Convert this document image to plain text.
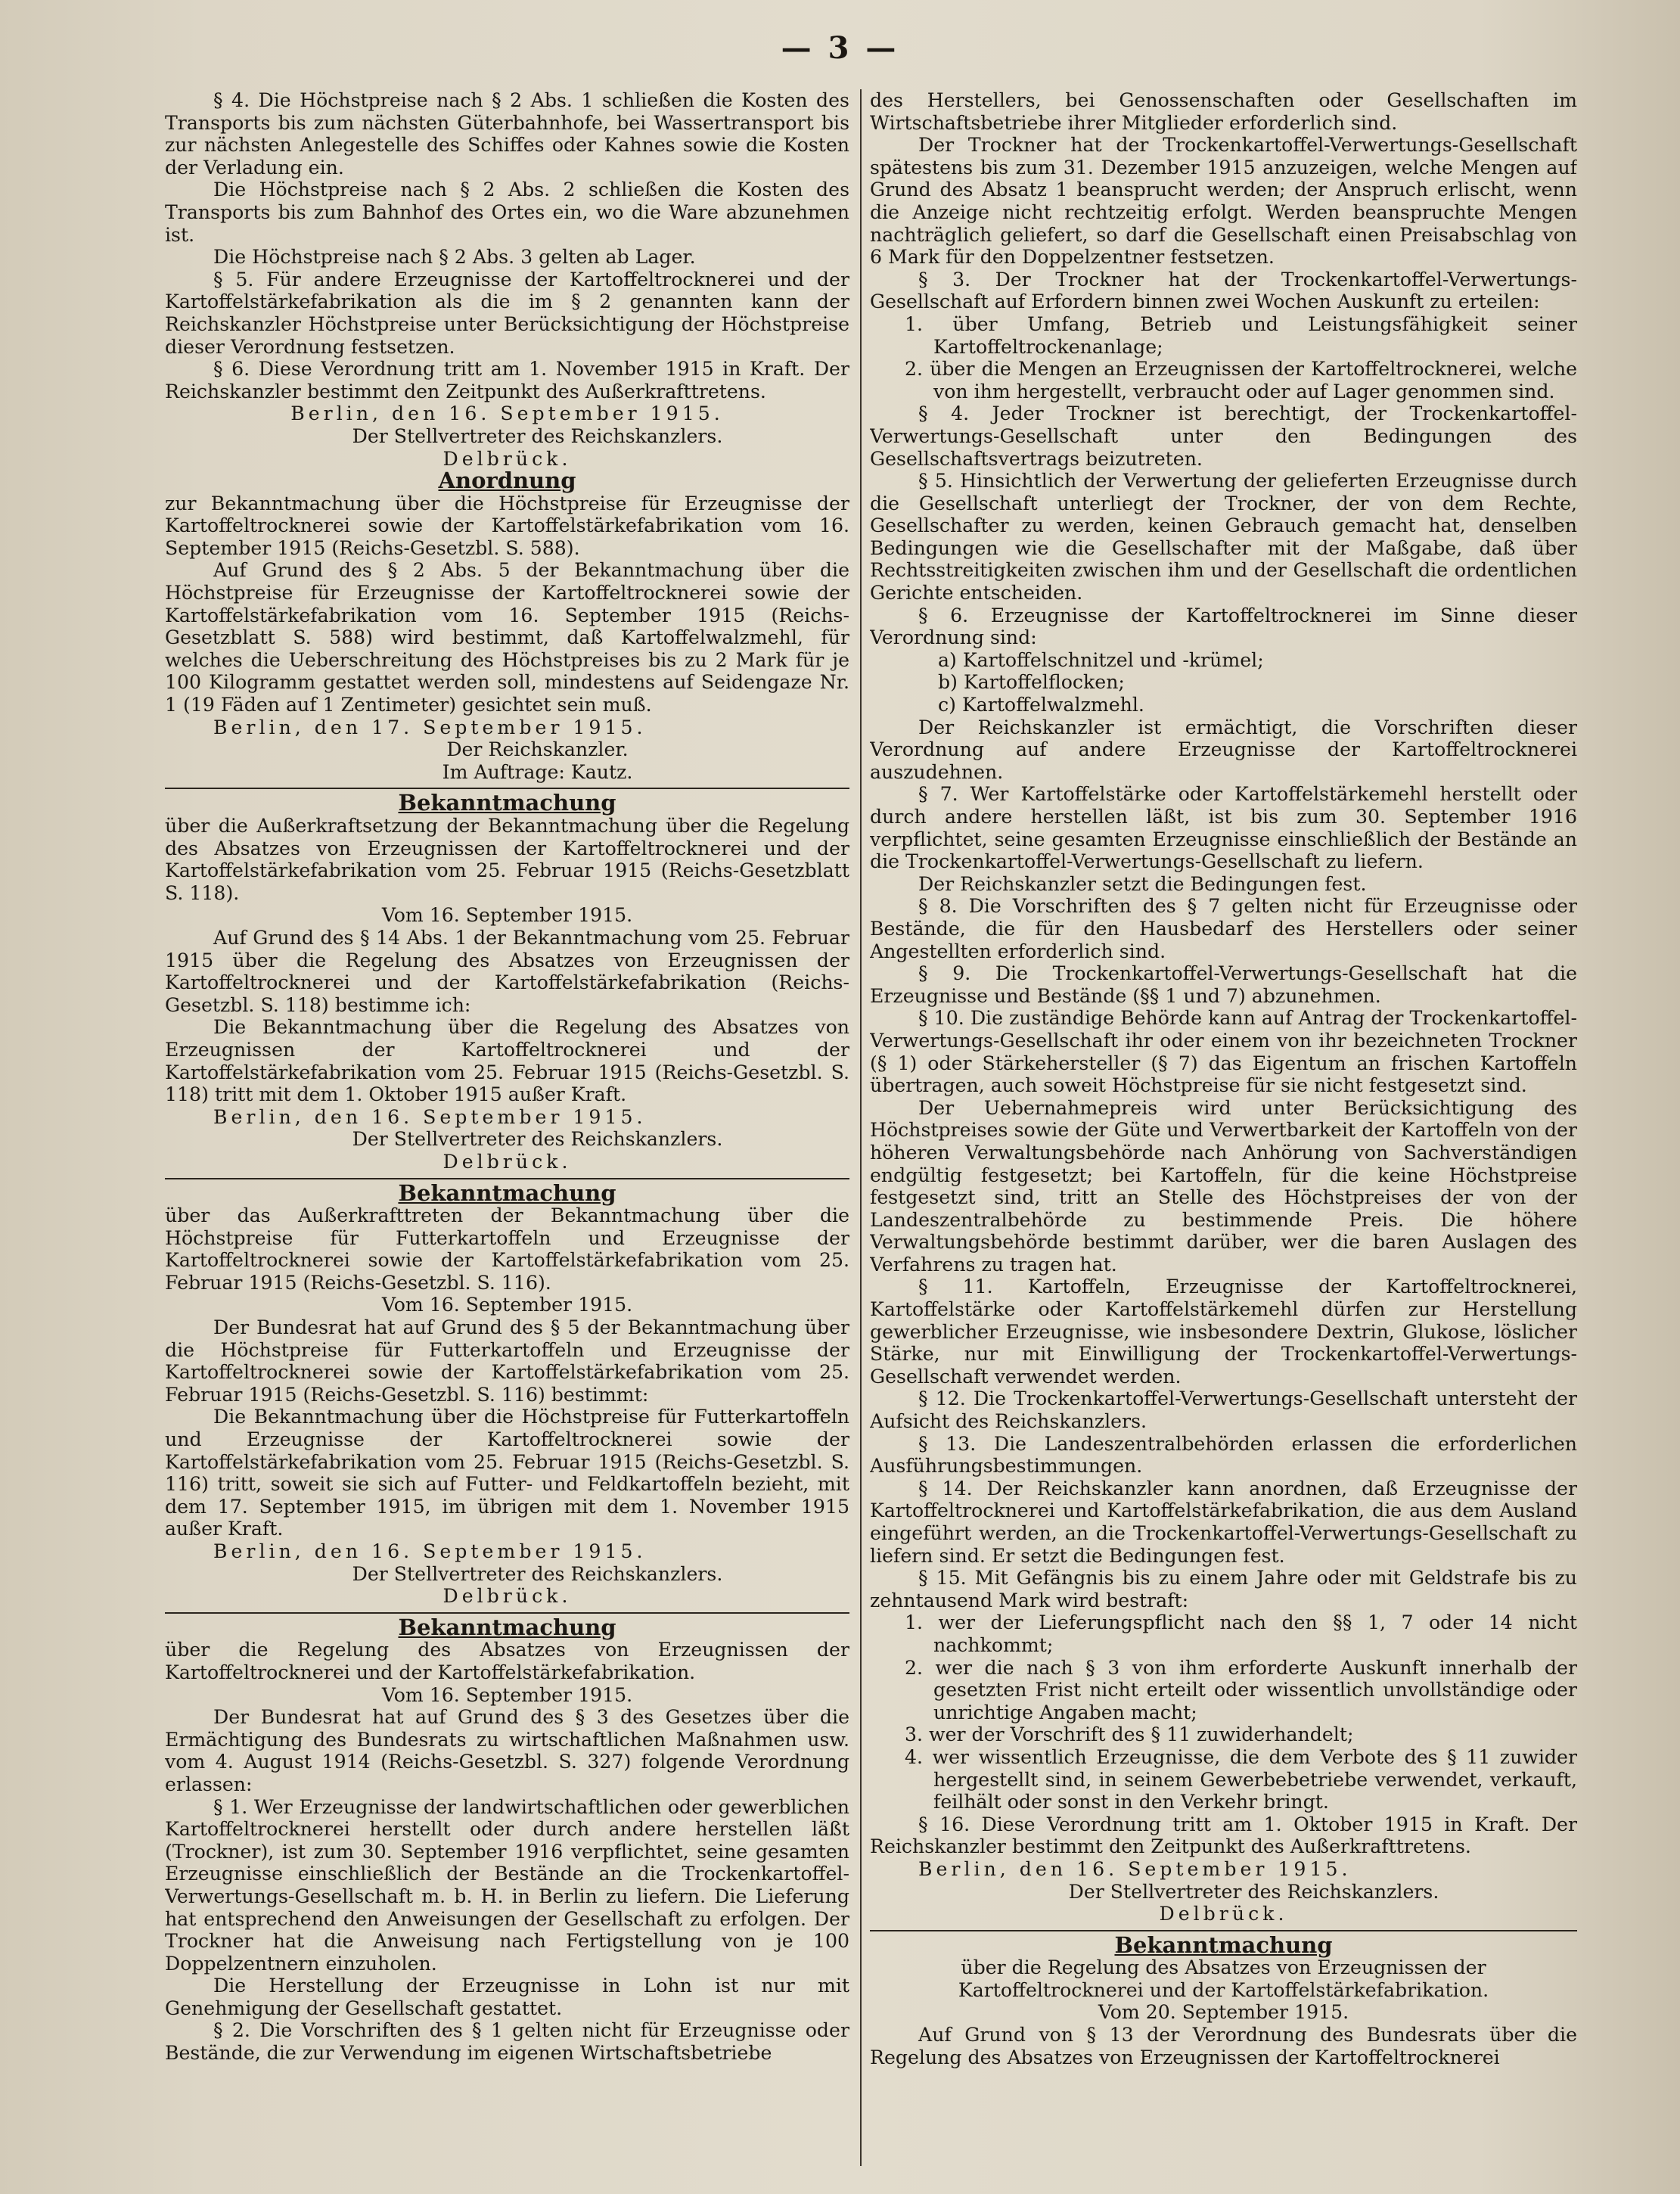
— 3 —

§ 4. Die Höchstpreise nach § 2 Abs. 1 schließen die Kosten des Transports bis zum nächsten Güterbahnhofe, bei Wassertransport bis zur nächsten Anlegestelle des Schiffes oder Kahnes sowie die Kosten der Verladung ein.

Die Höchstpreise nach § 2 Abs. 2 schließen die Kosten des Transports bis zum Bahnhof des Ortes ein, wo die Ware abzunehmen ist.

Die Höchstpreise nach § 2 Abs. 3 gelten ab Lager.

§ 5. Für andere Erzeugnisse der Kartoffeltrocknerei und der Kartoffelstärkefabrikation als die im § 2 genannten kann der Reichskanzler Höchstpreise unter Berücksichtigung der Höchstpreise dieser Verordnung festsetzen.

§ 6. Diese Verordnung tritt am 1. November 1915 in Kraft. Der Reichskanzler bestimmt den Zeitpunkt des Außerkrafttretens.

Berlin, den 16. September 1915.

Der Stellvertreter des Reichskanzlers.

Delbrück.

Anordnung

zur Bekanntmachung über die Höchstpreise für Erzeugnisse der Kartoffeltrocknerei sowie der Kartoffelstärkefabrikation vom 16. September 1915 (Reichs-Gesetzbl. S. 588).

Auf Grund des § 2 Abs. 5 der Bekanntmachung über die Höchstpreise für Erzeugnisse der Kartoffeltrocknerei sowie der Kartoffelstärkefabrikation vom 16. September 1915 (Reichs-Gesetzblatt S. 588) wird bestimmt, daß Kartoffelwalzmehl, für welches die Ueberschreitung des Höchstpreises bis zu 2 Mark für je 100 Kilogramm gestattet werden soll, mindestens auf Seidengaze Nr. 1 (19 Fäden auf 1 Zentimeter) gesichtet sein muß.

Berlin, den 17. September 1915.

Der Reichskanzler.

Im Auftrage: Kautz.

Bekanntmachung

über die Außerkraftsetzung der Bekanntmachung über die Regelung des Absatzes von Erzeugnissen der Kartoffeltrocknerei und der Kartoffelstärkefabrikation vom 25. Februar 1915 (Reichs-Gesetzblatt S. 118).

Vom 16. September 1915.

Auf Grund des § 14 Abs. 1 der Bekanntmachung vom 25. Februar 1915 über die Regelung des Absatzes von Erzeugnissen der Kartoffeltrocknerei und der Kartoffelstärkefabrikation (Reichs-Gesetzbl. S. 118) bestimme ich:

Die Bekanntmachung über die Regelung des Absatzes von Erzeugnissen der Kartoffeltrocknerei und der Kartoffelstärkefabrikation vom 25. Februar 1915 (Reichs-Gesetzbl. S. 118) tritt mit dem 1. Oktober 1915 außer Kraft.

Berlin, den 16. September 1915.

Der Stellvertreter des Reichskanzlers.

Delbrück.

Bekanntmachung

über das Außerkrafttreten der Bekanntmachung über die Höchstpreise für Futterkartoffeln und Erzeugnisse der Kartoffeltrocknerei sowie der Kartoffelstärkefabrikation vom 25. Februar 1915 (Reichs-Gesetzbl. S. 116).

Vom 16. September 1915.

Der Bundesrat hat auf Grund des § 5 der Bekanntmachung über die Höchstpreise für Futterkartoffeln und Erzeugnisse der Kartoffeltrocknerei sowie der Kartoffelstärkefabrikation vom 25. Februar 1915 (Reichs-Gesetzbl. S. 116) bestimmt:

Die Bekanntmachung über die Höchstpreise für Futterkartoffeln und Erzeugnisse der Kartoffeltrocknerei sowie der Kartoffelstärkefabrikation vom 25. Februar 1915 (Reichs-Gesetzbl. S. 116) tritt, soweit sie sich auf Futter- und Feldkartoffeln bezieht, mit dem 17. September 1915, im übrigen mit dem 1. November 1915 außer Kraft.

Berlin, den 16. September 1915.

Der Stellvertreter des Reichskanzlers.

Delbrück.

Bekanntmachung

über die Regelung des Absatzes von Erzeugnissen der Kartoffeltrocknerei und der Kartoffelstärkefabrikation.

Vom 16. September 1915.

Der Bundesrat hat auf Grund des § 3 des Gesetzes über die Ermächtigung des Bundesrats zu wirtschaftlichen Maßnahmen usw. vom 4. August 1914 (Reichs-Gesetzbl. S. 327) folgende Verordnung erlassen:

§ 1. Wer Erzeugnisse der landwirtschaftlichen oder gewerblichen Kartoffeltrocknerei herstellt oder durch andere herstellen läßt (Trockner), ist zum 30. September 1916 verpflichtet, seine gesamten Erzeugnisse einschließlich der Bestände an die Trockenkartoffel-Verwertungs-Gesellschaft m. b. H. in Berlin zu liefern. Die Lieferung hat entsprechend den Anweisungen der Gesellschaft zu erfolgen. Der Trockner hat die Anweisung nach Fertigstellung von je 100 Doppelzentnern einzuholen.

Die Herstellung der Erzeugnisse in Lohn ist nur mit Genehmigung der Gesellschaft gestattet.

§ 2. Die Vorschriften des § 1 gelten nicht für Erzeugnisse oder Bestände, die zur Verwendung im eigenen Wirtschaftsbetriebe

des Herstellers, bei Genossenschaften oder Gesellschaften im Wirtschaftsbetriebe ihrer Mitglieder erforderlich sind.

Der Trockner hat der Trockenkartoffel-Verwertungs-Gesellschaft spätestens bis zum 31. Dezember 1915 anzuzeigen, welche Mengen auf Grund des Absatz 1 beansprucht werden; der Anspruch erlischt, wenn die Anzeige nicht rechtzeitig erfolgt. Werden beanspruchte Mengen nachträglich geliefert, so darf die Gesellschaft einen Preisabschlag von 6 Mark für den Doppelzentner festsetzen.

§ 3. Der Trockner hat der Trockenkartoffel-Verwertungs-Gesellschaft auf Erfordern binnen zwei Wochen Auskunft zu erteilen:

1. über Umfang, Betrieb und Leistungsfähigkeit seiner Kartoffeltrockenanlage;

2. über die Mengen an Erzeugnissen der Kartoffeltrocknerei, welche von ihm hergestellt, verbraucht oder auf Lager genommen sind.

§ 4. Jeder Trockner ist berechtigt, der Trockenkartoffel-Verwertungs-Gesellschaft unter den Bedingungen des Gesellschaftsvertrags beizutreten.

§ 5. Hinsichtlich der Verwertung der gelieferten Erzeugnisse durch die Gesellschaft unterliegt der Trockner, der von dem Rechte, Gesellschafter zu werden, keinen Gebrauch gemacht hat, denselben Bedingungen wie die Gesellschafter mit der Maßgabe, daß über Rechtsstreitigkeiten zwischen ihm und der Gesellschaft die ordentlichen Gerichte entscheiden.

§ 6. Erzeugnisse der Kartoffeltrocknerei im Sinne dieser Verordnung sind:

a) Kartoffelschnitzel und -krümel;

b) Kartoffelflocken;

c) Kartoffelwalzmehl.

Der Reichskanzler ist ermächtigt, die Vorschriften dieser Verordnung auf andere Erzeugnisse der Kartoffeltrocknerei auszudehnen.

§ 7. Wer Kartoffelstärke oder Kartoffelstärkemehl herstellt oder durch andere herstellen läßt, ist bis zum 30. September 1916 verpflichtet, seine gesamten Erzeugnisse einschließlich der Bestände an die Trockenkartoffel-Verwertungs-Gesellschaft zu liefern.

Der Reichskanzler setzt die Bedingungen fest.

§ 8. Die Vorschriften des § 7 gelten nicht für Erzeugnisse oder Bestände, die für den Hausbedarf des Herstellers oder seiner Angestellten erforderlich sind.

§ 9. Die Trockenkartoffel-Verwertungs-Gesellschaft hat die Erzeugnisse und Bestände (§§ 1 und 7) abzunehmen.

§ 10. Die zuständige Behörde kann auf Antrag der Trockenkartoffel-Verwertungs-Gesellschaft ihr oder einem von ihr bezeichneten Trockner (§ 1) oder Stärkehersteller (§ 7) das Eigentum an frischen Kartoffeln übertragen, auch soweit Höchstpreise für sie nicht festgesetzt sind.

Der Uebernahmepreis wird unter Berücksichtigung des Höchstpreises sowie der Güte und Verwertbarkeit der Kartoffeln von der höheren Verwaltungsbehörde nach Anhörung von Sachverständigen endgültig festgesetzt; bei Kartoffeln, für die keine Höchstpreise festgesetzt sind, tritt an Stelle des Höchstpreises der von der Landeszentralbehörde zu bestimmende Preis. Die höhere Verwaltungsbehörde bestimmt darüber, wer die baren Auslagen des Verfahrens zu tragen hat.

§ 11. Kartoffeln, Erzeugnisse der Kartoffeltrocknerei, Kartoffelstärke oder Kartoffelstärkemehl dürfen zur Herstellung gewerblicher Erzeugnisse, wie insbesondere Dextrin, Glukose, löslicher Stärke, nur mit Einwilligung der Trockenkartoffel-Verwertungs-Gesellschaft verwendet werden.

§ 12. Die Trockenkartoffel-Verwertungs-Gesellschaft untersteht der Aufsicht des Reichskanzlers.

§ 13. Die Landeszentralbehörden erlassen die erforderlichen Ausführungsbestimmungen.

§ 14. Der Reichskanzler kann anordnen, daß Erzeugnisse der Kartoffeltrocknerei und Kartoffelstärkefabrikation, die aus dem Ausland eingeführt werden, an die Trockenkartoffel-Verwertungs-Gesellschaft zu liefern sind. Er setzt die Bedingungen fest.

§ 15. Mit Gefängnis bis zu einem Jahre oder mit Geldstrafe bis zu zehntausend Mark wird bestraft:

1. wer der Lieferungspflicht nach den §§ 1, 7 oder 14 nicht nachkommt;

2. wer die nach § 3 von ihm erforderte Auskunft innerhalb der gesetzten Frist nicht erteilt oder wissentlich unvollständige oder unrichtige Angaben macht;

3. wer der Vorschrift des § 11 zuwiderhandelt;

4. wer wissentlich Erzeugnisse, die dem Verbote des § 11 zuwider hergestellt sind, in seinem Gewerbebetriebe verwendet, verkauft, feilhält oder sonst in den Verkehr bringt.

§ 16. Diese Verordnung tritt am 1. Oktober 1915 in Kraft. Der Reichskanzler bestimmt den Zeitpunkt des Außerkrafttretens.

Berlin, den 16. September 1915.

Der Stellvertreter des Reichskanzlers.

Delbrück.

Bekanntmachung

über die Regelung des Absatzes von Erzeugnissen der Kartoffeltrocknerei und der Kartoffelstärkefabrikation.

Vom 20. September 1915.

Auf Grund von § 13 der Verordnung des Bundesrats über die Regelung des Absatzes von Erzeugnissen der Kartoffeltrocknerei
